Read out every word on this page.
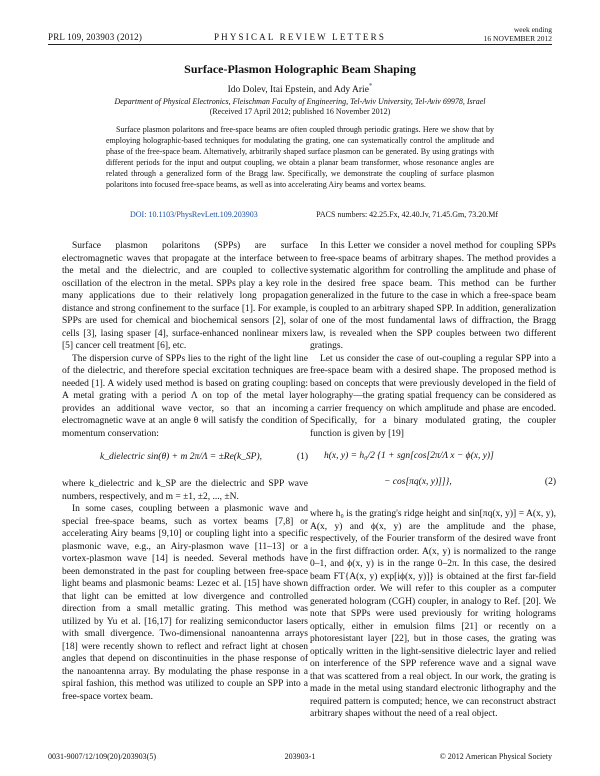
PRL 109, 203903 (2012)	PHYSICAL REVIEW LETTERS
week ending
16 NOVEMBER 2012
Surface-Plasmon Holographic Beam Shaping
Ido Dolev, Itai Epstein, and Ady Arie*
Department of Physical Electronics, Fleischman Faculty of Engineering, Tel-Aviv University, Tel-Aviv 69978, Israel
(Received 17 April 2012; published 16 November 2012)

Surface plasmon polaritons and free-space beams are often coupled through periodic gratings. Here we show that by employing holographic-based techniques for modulating the grating, one can systematically control the amplitude and phase of the free-space beam. Alternatively, arbitrarily shaped surface plasmon can be generated. By using gratings with different periods for the input and output coupling, we obtain a planar beam transformer, whose resonance angles are related through a generalized form of the Bragg law. Specifically, we demonstrate the coupling of surface plasmon polaritons into focused free-space beams, as well as into accelerating Airy beams and vortex beams.

DOI: 10.1103/PhysRevLett.109.203903	PACS numbers: 42.25.Fx, 42.40.Jv, 71.45.Gm, 73.20.Mf

Surface plasmon polaritons (SPPs) are surface electromagnetic waves that propagate at the interface between the metal and the dielectric, and are coupled to collective oscillation of the electron in the metal. SPPs play a key role in many applications due to their relatively long propagation distance and strong confinement to the surface [1]. For example, SPPs are used for chemical and biochemical sensors [2], solar cells [3], lasing spaser [4], surface-enhanced nonlinear mixers [5] cancer cell treatment [6], etc.

The dispersion curve of SPPs lies to the right of the light line of the dielectric, and therefore special excitation techniques are needed [1]. A widely used method is based on grating coupling: A metal grating with a period Λ on top of the metal layer provides an additional wave vector, so that an incoming electromagnetic wave at an angle θ will satisfy the condition of momentum conservation:

k_dielectric sin(θ) + m 2π/Λ = ±Re(k_SP),	(1)

where k_dielectric and k_SP are the dielectric and SPP wave numbers, respectively, and m = ±1, ±2, ..., ±N.

In some cases, coupling between a plasmonic wave and special free-space beams, such as vortex beams [7,8] or accelerating Airy beams [9,10] or coupling light into a specific plasmonic wave, e.g., an Airy-plasmon wave [11–13] or a vortex-plasmon wave [14] is needed. Several methods have been demonstrated in the past for coupling between free-space light beams and plasmonic beams: Lezec et al. [15] have shown that light can be emitted at low divergence and controlled direction from a small metallic grating. This method was utilized by Yu et al. [16,17] for realizing semiconductor lasers with small divergence. Two-dimensional nanoantenna arrays [18] were recently shown to reflect and refract light at chosen angles that depend on discontinuities in the phase response of the nanoantenna array. By modulating the phase response in a spiral fashion, this method was utilized to couple an SPP into a free-space vortex beam.

In this Letter we consider a novel method for coupling SPPs to free-space beams of arbitrary shapes. The method provides a systematic algorithm for controlling the amplitude and phase of the desired free space beam. This method can be further generalized in the future to the case in which a free-space beam is coupled to an arbitrary shaped SPP. In addition, generalization of one of the most fundamental laws of diffraction, the Bragg law, is revealed when the SPP couples between two different gratings.

Let us consider the case of out-coupling a regular SPP into a free-space beam with a desired shape. The proposed method is based on concepts that were previously developed in the field of holography—the grating spatial frequency can be considered as a carrier frequency on which amplitude and phase are encoded. Specifically, for a binary modulated grating, the coupler function is given by [19]

h(x, y) = h₀/2 {1 + sgn[cos[2π/Λ x − ϕ(x, y)]
− cos[πq(x, y)]]},	(2)

where h₀ is the grating's ridge height and sin[πq(x, y)] = A(x, y), A(x, y) and ϕ(x, y) are the amplitude and the phase, respectively, of the Fourier transform of the desired wave front in the first diffraction order. A(x, y) is normalized to the range 0–1, and ϕ(x, y) is in the range 0–2π. In this case, the desired beam FT{A(x, y) exp[iϕ(x, y)]} is obtained at the first far-field diffraction order. We will refer to this coupler as a computer generated hologram (CGH) coupler, in analogy to Ref. [20]. We note that SPPs were used previously for writing holograms optically, either in emulsion films [21] or recently on a photoresistant layer [22], but in those cases, the grating was optically written in the light-sensitive dielectric layer and relied on interference of the SPP reference wave and a signal wave that was scattered from a real object. In our work, the grating is made in the metal using standard electronic lithography and the required pattern is computed; hence, we can reconstruct abstract arbitrary shapes without the need of a real object.

0031-9007/12/109(20)/203903(5)	203903-1	© 2012 American Physical Society
